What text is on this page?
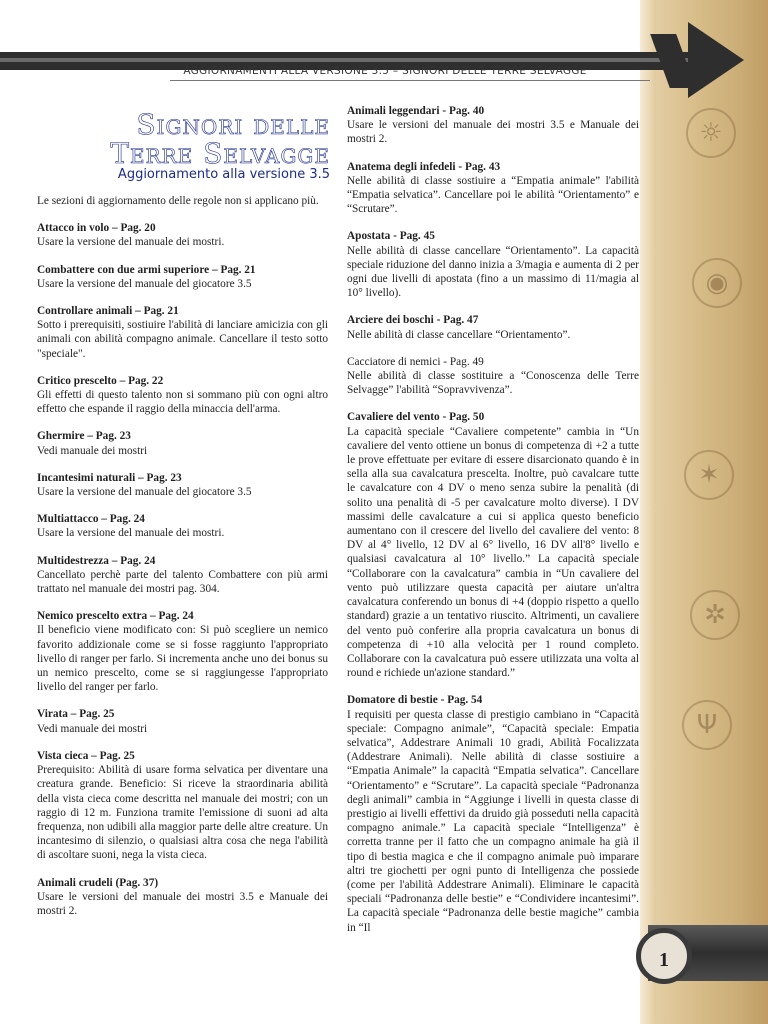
☼
◉
✶
✲
Ψ
AGGIORNAMENTI ALLA VERSIONE 3.5 – SIGNORI DELLE TERRE SELVAGGE
Signori delle
Terre Selvagge
Aggiornamento alla versione 3.5
Le sezioni di aggiornamento delle regole non si applicano più.
Attacco in volo – Pag. 20
Usare la versione del manuale dei mostri.
Combattere con due armi superiore – Pag. 21
Usare la versione del manuale del giocatore 3.5
Controllare animali – Pag. 21
Sotto i prerequisiti, sostiuire l'abilità di lanciare amicizia con gli animali con abilità compagno animale. Cancellare il testo sotto "speciale".
Critico prescelto – Pag. 22
Gli effetti di questo talento non si sommano più con ogni altro effetto che espande il raggio della minaccia dell'arma.
Ghermire – Pag. 23
Vedi manuale dei mostri
Incantesimi naturali – Pag. 23
Usare la versione del manuale del giocatore 3.5
Multiattacco – Pag. 24
Usare la versione del manuale dei mostri.
Multidestrezza – Pag. 24
Cancellato perchè parte del talento Combattere con più armi trattato nel manuale dei mostri pag. 304.
Nemico prescelto extra – Pag. 24
Il beneficio viene modificato con: Si può scegliere un nemico favorito addizionale come se si fosse raggiunto l'appropriato livello di ranger per farlo. Si incrementa anche uno dei bonus su un nemico prescelto, come se si raggiungesse l'appropriato livello del ranger per farlo.
Virata – Pag. 25
Vedi manuale dei mostri
Vista cieca – Pag. 25
Prerequisito: Abilità di usare forma selvatica per diventare una creatura grande. Beneficio: Si riceve la straordinaria abilità della vista cieca come descritta nel manuale dei mostri; con un raggio di 12 m. Funziona tramite l'emissione di suoni ad alta frequenza, non udibili alla maggior parte delle altre creature. Un incantesimo di silenzio, o qualsiasi altra cosa che nega l'abilità di ascoltare suoni, nega la vista cieca.
Animali crudeli (Pag. 37)
Usare le versioni del manuale dei mostri 3.5 e Manuale dei mostri 2.
Animali leggendari - Pag. 40
Usare le versioni del manuale dei mostri 3.5 e Manuale dei mostri 2.
Anatema degli infedeli - Pag. 43
Nelle abilità di classe sostiuire a “Empatia animale” l'abilità “Empatia selvatica”. Cancellare poi le abilità “Orientamento” e “Scrutare”.
Apostata - Pag. 45
Nelle abilità di classe cancellare “Orientamento”. La capacità speciale riduzione del danno inizia a 3/magia e aumenta di 2 per ogni due livelli di apostata (fino a un massimo di 11/magia al 10° livello).
Arciere dei boschi - Pag. 47
Nelle abilità di classe cancellare “Orientamento”.
Cacciatore di nemici - Pag. 49
Nelle abilità di classe sostituire a “Conoscenza delle Terre Selvagge” l'abilità “Sopravvivenza”.
Cavaliere del vento - Pag. 50
La capacità speciale “Cavaliere competente” cambia in “Un cavaliere del vento ottiene un bonus di competenza di +2 a tutte le prove effettuate per evitare di essere disarcionato quando è in sella alla sua cavalcatura prescelta. Inoltre, può cavalcare tutte le cavalcature con 4 DV o meno senza subire la penalità (di solito una penalità di -5 per cavalcature molto diverse). I DV massimi delle cavalcature a cui si applica questo beneficio aumentano con il crescere del livello del cavaliere del vento: 8 DV al 4° livello, 12 DV al 6° livello, 16 DV all'8° livello e qualsiasi cavalcatura al 10° livello.” La capacità speciale “Collaborare con la cavalcatura” cambia in “Un cavaliere del vento può utilizzare questa capacità per aiutare un'altra cavalcatura conferendo un bonus di +4 (doppio rispetto a quello standard) grazie a un tentativo riuscito. Altrimenti, un cavaliere del vento può conferire alla propria cavalcatura un bonus di competenza di +10 alla velocità per 1 round completo. Collaborare con la cavalcatura può essere utilizzata una volta al round e richiede un'azione standard.”
Domatore di bestie - Pag. 54
I requisiti per questa classe di prestigio cambiano in “Capacità speciale: Compagno animale”, “Capacità speciale: Empatia selvatica”, Addestrare Animali 10 gradi, Abilità Focalizzata (Addestrare Animali). Nelle abilità di classe sostiuire a “Empatia Animale” la capacità “Empatia selvatica”. Cancellare “Orientamento” e “Scrutare”. La capacità speciale “Padronanza degli animali” cambia in “Aggiunge i livelli in questa classe di prestigio ai livelli effettivi da druido già posseduti nella capacità compagno animale.” La capacità speciale “Intelligenza” è corretta tranne per il fatto che un compagno animale ha già il tipo di bestia magica e che il compagno animale può imparare altri tre giochetti per ogni punto di Intelligenza che possiede (come per l'abilità Addestrare Animali). Eliminare le capacità speciali “Padronanza delle bestie” e “Condividere incantesimi”. La capacità speciale “Padronanza delle bestie magiche” cambia in “Il
1
